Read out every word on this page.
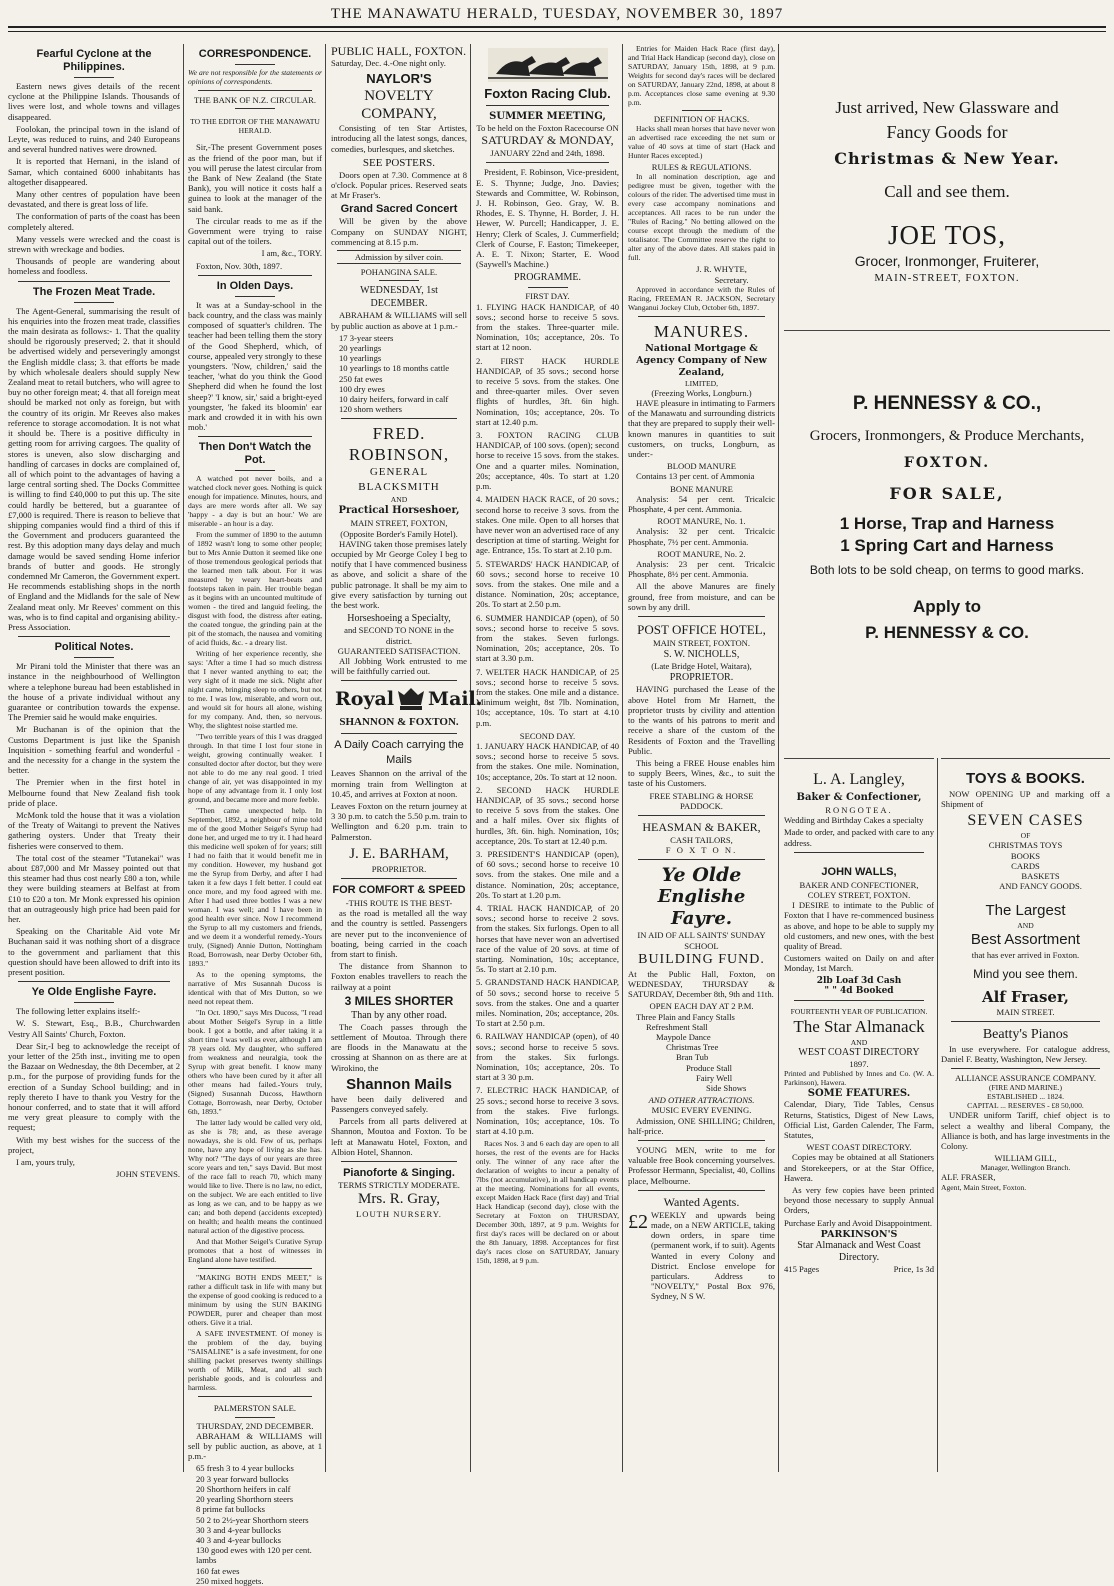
THE MANAWATU HERALD, TUESDAY, NOVEMBER 30, 1897
Fearful Cyclone at the Philippines.

Eastern news gives details of the recent cyclone at the Philippine Islands. Thousands of lives were lost, and whole towns and villages disappeared.

Foolokan, the principal town in the island of Leyte, was reduced to ruins, and 240 Europeans and several hundred natives were drowned.

It is reported that Hernani, in the island of Samar, which contained 6000 inhabitants has altogether disappeared.

Many other centres of population have been devastated, and there is great loss of life.

The conformation of parts of the coast has been completely altered.

Many vessels were wrecked and the coast is strewn with wreckage and bodies.

Thousands of people are wandering about homeless and foodless.

The Frozen Meat Trade.

The Agent-General, summarising the result of his enquiries into the frozen meat trade, classifies the main desirata as follows:- 1. That the quality should be rigorously preserved; 2. that it should be advertised widely and perseveringly amongst the English middle class; 3. that efforts be made by which wholesale dealers should supply New Zealand meat to retail butchers, who will agree to buy no other foreign meat; 4. that all foreign meat should be marked not only as foreign, but with the country of its origin. Mr Reeves also makes reference to storage accomodation. It is not what it should be. There is a positive difficulty in getting room for arriving cargoes. The quality of stores is uneven, also slow discharging and handling of carcases in docks are complained of, all of which point to the advantages of having a large central sorting shed. The Docks Committee is willing to find £40,000 to put this up. The site could hardly be bettered, but a guarantee of £7,000 is required. There is reason to believe that shipping companies would find a third of this if the Government and producers guaranteed the rest. By this adoption many days delay and much damage would be saved sending Home inferior brands of butter and goods. He strongly condemned Mr Cameron, the Government expert. He recommends establishing shops in the north of England and the Midlands for the sale of New Zealand meat only. Mr Reeves' comment on this was, who is to find capital and organising ability.- Press Association.

Political Notes.

Mr Pirani told the Minister that there was an instance in the neighbourhood of Wellington where a telephone bureau had been established in the house of a private individual without any guarantee or contribution towards the expense. The Premier said he would make enquiries.

Mr Buchanan is of the opinion that the Customs Department is just like the Spanish Inquisition - something fearful and wonderful - and the necessity for a change in the system the better.

The Premier when in the first hotel in Melbourne found that New Zealand fish took pride of place.

McMonk told the house that it was a violation of the Treaty of Waitangi to prevent the Natives gathering oysters. Under that Treaty their fisheries were conserved to them.

The total cost of the steamer "Tutanekai" was about £87,000 and Mr Massey pointed out that this steamer had thus cost nearly £80 a ton, while they were building steamers at Belfast at from £10 to £20 a ton. Mr Monk expressed his opinion that an outrageously high price had been paid for her.

Speaking on the Charitable Aid vote Mr Buchanan said it was nothing short of a disgrace to the government and parliament that this question should have been allowed to drift into its present position.

Ye Olde Englishe Fayre.

The following letter explains itself:-

W. S. Stewart, Esq., B.B., Churchwarden Vestry All Saints' Church, Foxton.

Dear Sir,-I beg to acknowledge the receipt of your letter of the 25th inst., inviting me to open the Bazaar on Wednesday, the 8th December, at 2 p.m., for the purpose of providing funds for the erection of a Sunday School building; and in reply thereto I have to thank you Vestry for the honour conferred, and to state that it will afford me very great pleasure to comply with the request;

With my best wishes for the success of the project,

I am, yours truly,

JOHN STEVENS.

CORRESPONDENCE.

We are not responsible for the statements or opinions of correspondents.

THE BANK OF N.Z. CIRCULAR.

TO THE EDITOR OF THE MANAWATU HERALD.

Sir,-The present Government poses as the friend of the poor man, but if you will peruse the latest circular from the Bank of New Zealand (the State Bank), you will notice it costs half a guinea to look at the manager of the said bank.

The circular reads to me as if the Government were trying to raise capital out of the toilers.

I am, &c., TORY.

Foxton, Nov. 30th, 1897.

In Olden Days.

It was at a Sunday-school in the back country, and the class was mainly composed of squatter's children. The teacher had been telling them the story of the Good Shepherd, which, of course, appealed very strongly to these youngsters. 'Now, children,' said the teacher, 'what do you think the Good Shepherd did when he found the lost sheep?' 'I know, sir,' said a bright-eyed youngster, 'he faked its bloomin' ear mark and crowded it in with his own mob.'

Then Don't Watch the Pot.

A watched pot never boils, and a watched clock never goes. Nothing is quick enough for impatience. Minutes, hours, and days are mere words after all. We say 'happy - a day is but an hour.' We are miserable - an hour is a day.

From the summer of 1890 to the autumn of 1892 wasn't long to some other people; but to Mrs Annie Dutton it seemed like one of those tremendous geological periods that the learned men talk about. For it was measured by weary heart-beats and footsteps taken in pain. Her trouble began as it begins with an uncounted multitude of women - the tired and languid feeling, the disgust with food, the distress after eating, the coated tongue, the grinding pain at the pit of the stomach, the nausea and vomiting of acid fluids, &c. - a dreary list.

Writing of her experience recently, she says: 'After a time I had so much distress that I never wanted anything to eat; the very sight of it made me sick. Night after night came, bringing sleep to others, but not to me. I was low, miserable, and worn out, and would sit for hours all alone, wishing for my company. And, then, so nervous. Why, the slightest noise startled me.

"Two terrible years of this I was dragged through. In that time I lost four stone in weight, growing continually weaker. I consulted doctor after doctor, but they were not able to do me any real good. I tried change of air, yet was disappointed in my hope of any advantage from it. I only lost ground, and became more and more feeble.

"Then came unexpected help. In September, 1892, a neighbour of mine told me of the good Mother Seigel's Syrup had done her, and urged me to try it. I had heard this medicine well spoken of for years; still I had no faith that it would benefit me in my condition. However, my husband got me the Syrup from Derby, and after I had taken it a few days I felt better. I could eat once more, and my food agreed with me. After I had used three bottles I was a new woman. I was well; and I have been in good health ever since. Now I recommend the Syrup to all my customers and friends, and we deem it a wonderful remedy.-Yours truly, (Signed) Annie Dutton, Nottingham Road, Borrowash, near Derby October 6th, 1893."

As to the opening symptoms, the narrative of Mrs Susannah Ducoss is identical with that of Mrs Dutton, so we need not repeat them.

"In Oct. 1890," says Mrs Ducoss, "I read about Mother Seigel's Syrup in a little book. I got a bottle, and after taking it a short time I was well as ever, although I am 78 years old. My daughter, who suffered from weakness and neuralgia, took the Syrup with great benefit. I know many others who have been cured by it after all other means had failed.-Yours truly, (Signed) Susannah Ducoss, Hawthorn Cottage, Borrowash, near Derby, October 6th, 1893."

The latter lady would be called very old, as she is 78; and, as these average nowadays, she is old. Few of us, perhaps none, have any hope of living as she has. Why not? "The days of our years are three score years and ten," says David. But most of the race fall to reach 70, which many would like to live. There is no law, no edict, on the subject. We are each entitled to live as long as we can, and to be happy as we can; and both depend (accidents excepted) on health; and health means the continued natural action of the digestive process.

And that Mother Seigel's Curative Syrup promotes that a host of witnesses in England alone have testified.

"MAKING BOTH ENDS MEET," is rather a difficult task in life with many but the expense of good cooking is reduced to a minimum by using the SUN BAKING POWDER, purer and cheaper than most others. Give it a trial.

A SAFE INVESTMENT. Of money is the problem of the day, buying "SAISALINE" is a safe investment, for one shilling packet preserves twenty shillings worth of Milk, Meat, and all such perishable goods, and is colourless and harmless.

PALMERSTON SALE.
THURSDAY, 2ND DECEMBER.

ABRAHAM & WILLIAMS will sell by public auction, as above, at 1 p.m.-

65 fresh 3 to 4 year bullocks
20 3 year forward bullocks
20 Shorthorn heifers in calf
20 yearling Shorthorn steers
8 prime fat bullocks
50 2 to 2½-year Shorthorn steers
30 3 and 4-year bullocks
40 3 and 4-year bullocks
130 good ewes with 120 per cent. lambs
160 fat ewes
250 mixed hoggets.
PUBLIC HALL, FOXTON.
Saturday, Dec. 4.-One night only.
NAYLOR'S
NOVELTY COMPANY,

Consisting of ten Star Artistes, introducing all the latest songs, dances, comedies, burlesques, and sketches.

SEE POSTERS.

Doors open at 7.30. Commence at 8 o'clock. Popular prices. Reserved seats at Mr Fraser's.

Grand Sacred Concert

Will be given by the above Company on SUNDAY NIGHT, commencing at 8.15 p.m.

Admission by silver coin.
POHANGINA SALE.
WEDNESDAY, 1st DECEMBER.

ABRAHAM & WILLIAMS will sell by public auction as above at 1 p.m.-

17 3-year steers
20 yearlings
10 yearlings
10 yearlings to 18 months cattle
250 fat ewes
100 dry ewes
10 dairy heifers, forward in calf
120 shorn wethers
FRED. ROBINSON,
GENERAL BLACKSMITH
AND
Practical Horseshoer,
MAIN STREET, FOXTON,
(Opposite Border's Family Hotel).

HAVING taken those premises lately occupied by Mr George Coley I beg to notify that I have commenced business as above, and solicit a share of the public patronage. It shall be my aim to give every satisfaction by turning out the best work.

Horseshoeing a Specialty,
and SECOND TO NONE in the district.
GUARANTEED SATISFACTION.

All Jobbing Work entrusted to me will be faithfully carried out.

Royal Mail.
SHANNON & FOXTON.
A Daily Coach carrying the Mails

Leaves Shannon on the arrival of the morning train from Wellington at 10.45, and arrives at Foxton at noon.

Leaves Foxton on the return journey at 3 30 p.m. to catch the 5.50 p.m. train to Wellington and 6.20 p.m. train to Palmerston.

J. E. BARHAM,
PROPRIETOR.
FOR COMFORT & SPEED
-THIS ROUTE IS THE BEST-

as the road is metalled all the way and the country is settled. Passengers are never put to the inconvenience of boating, being carried in the coach from start to finish.

The distance from Shannon to Foxton enables travellers to reach the railway at a point

3 MILES SHORTER
Than by any other road.

The Coach passes through the settlement of Moutoa. Through there are floods in the Manawatu at the crossing at Shannon on as there are at Wirokino, the

Shannon Mails

have been daily delivered and Passengers conveyed safely.

Parcels from all parts delivered at Shannon, Moutoa and Foxton. To be left at Manawatu Hotel, Foxton, and Albion Hotel, Shannon.

Pianoforte & Singing.
TERMS STRICTLY MODERATE.
Mrs. R. Gray,
LOUTH NURSERY.
Foxton Racing Club.
SUMMER MEETING,
To be held on the Foxton Racecourse ON
SATURDAY & MONDAY,
JANUARY 22nd and 24th, 1898.

President, F. Robinson, Vice-president, E. S. Thynne; Judge, Jno. Davies; Stewards and Committee, W. Robinson, J. H. Robinson, Geo. Gray, W. B. Rhodes, E. S. Thynne, H. Border, J. H. Hewer, W. Purcell; Handicapper, J. E. Henry; Clerk of Scales, J. Cummerfield; Clerk of Course, F. Easton; Timekeeper, A. E. T. Nixon; Starter, E. Wood (Saywell's Machine.)

PROGRAMME.
FIRST DAY.

1. FLYING HACK HANDICAP, of 40 sovs.; second horse to receive 5 sovs. from the stakes. Three-quarter mile. Nomination, 10s; acceptance, 20s. To start at 12 noon.

2. FIRST HACK HURDLE HANDICAP, of 35 sovs.; second horse to receive 5 sovs. from the stakes. One and three-quarter miles. Over seven flights of hurdles, 3ft. 6in high. Nomination, 10s; acceptance, 20s. To start at 12.40 p.m.

3. FOXTON RACING CLUB HANDICAP, of 100 sovs. (open); second horse to receive 15 sovs. from the stakes. One and a quarter miles. Nomination, 20s; acceptance, 40s. To start at 1.20 p.m.

4. MAIDEN HACK RACE, of 20 sovs.; second horse to receive 3 sovs. from the stakes. One mile. Open to all horses that have never won an advertised race of any description at time of starting. Weight for age. Entrance, 15s. To start at 2.10 p.m.

5. STEWARDS' HACK HANDICAP, of 60 sovs.; second horse to receive 10 sovs. from the stakes. One mile and a distance. Nomination, 20s; acceptance, 20s. To start at 2.50 p.m.

6. SUMMER HANDICAP (open), of 50 sovs.; second horse to receive 5 sovs. from the stakes. Seven furlongs. Nomination, 20s; acceptance, 20s. To start at 3.30 p.m.

7. WELTER HACK HANDICAP, of 25 sovs.; second horse to receive 5 sovs. from the stakes. One mile and a distance. Minimum weight, 8st 7lb. Nomination, 10s; acceptance, 10s. To start at 4.10 p.m.

SECOND DAY.

1. JANUARY HACK HANDICAP, of 40 sovs.; second horse to receive 5 sovs. from the stakes. One mile. Nomination, 10s; acceptance, 20s. To start at 12 noon.

2. SECOND HACK HURDLE HANDICAP, of 35 sovs.; second horse to receive 5 sovs from the stakes. One and a half miles. Over six flights of hurdles, 3ft. 6in. high. Nomination, 10s; acceptance, 20s. To start at 12.40 p.m.

3. PRESIDENT'S HANDICAP (open), of 60 sovs.; second horse to receive 10 sovs. from the stakes. One mile and a distance. Nomination, 20s; acceptance, 20s. To start at 1.20 p.m.

4. TRIAL HACK HANDICAP, of 20 sovs.; second horse to receive 2 sovs. from the stakes. Six furlongs. Open to all horses that have never won an advertised race of the value of 20 sovs. at time of starting. Nomination, 10s; acceptance, 5s. To start at 2.10 p.m.

5. GRANDSTAND HACK HANDICAP, of 50 sovs.; second horse to receive 5 sovs. from the stakes. One and a quarter miles. Nomination, 20s; acceptance, 20s. To start at 2.50 p.m.

6. RAILWAY HANDICAP (open), of 40 sovs.; second horse to receive 5 sovs. from the stakes. Six furlongs. Nomination, 10s; acceptance, 20s. To start at 3 30 p.m.

7. ELECTRIC HACK HANDICAP, of 25 sovs.; second horse to receive 3 sovs. from the stakes. Five furlongs. Nomination, 10s; acceptance, 10s. To start at 4.10 p.m.

Races Nos. 3 and 6 each day are open to all horses, the rest of the events are for Hacks only. The winner of any race after the declaration of weights to incur a penalty of 7lbs (not accumulative), in all handicap events at the meeting. Nominations for all events, except Maiden Hack Race (first day) and Trial Hack Handicap (second day), close with the Secretary at Foxton on THURSDAY, December 30th, 1897, at 9 p.m. Weights for first day's races will be declared on or about the 8th January, 1898. Acceptances for first day's races close on SATURDAY, January 15th, 1898, at 9 p.m.

Entries for Maiden Hack Race (first day), and Trial Hack Handicap (second day), close on SATURDAY, January 15th, 1898, at 9 p.m. Weights for second day's races will be declared on SATURDAY, January 22nd, 1898, at about 8 p.m. Acceptances close same evening at 9.30 p.m.

DEFINITION OF HACKS.

Hacks shall mean horses that have never won an advertised race exceeding the net sum or value of 40 sovs at time of start (Hack and Hunter Races excepted.)

RULES & REGULATIONS.

In all nomination description, age and pedigree must be given, together with the colours of the rider. The advertised time must in every case accompany nominations and acceptances. All races to be run under the "Rules of Racing." No betting allowed on the course except through the medium of the totalisator. The Committee reserve the right to alter any of the above dates. All stakes paid in full.

J. R. WHYTE,
Secretary.

Approved in accordance with the Rules of Racing, FREEMAN R. JACKSON, Secretary Wanganui Jockey Club, October 6th, 1897.

MANURES.
National Mortgage & Agency Company of New Zealand,
LIMITED,
(Freezing Works, Longburn.)

HAVE pleasure in intimating to Farmers of the Manawatu and surrounding districts that they are prepared to supply their well-known manures in quantities to suit customers, on trucks, Longburn, as under:-

BLOOD MANURE

Contains 13 per cent. of Ammonia

BONE MANURE

Analysis: 54 per cent. Tricalcic Phosphate, 4 per cent. Ammonia.

ROOT MANURE, No. 1.

Analysis: 32 per cent. Tricalcic Phosphate, 7½ per cent. Ammonia.

ROOT MANURE, No. 2.

Analysis: 23 per cent. Tricalcic Phosphate, 8½ per cent. Ammonia.

All the above Manures are finely ground, free from moisture, and can be sown by any drill.

POST OFFICE HOTEL,
MAIN STREET, FOXTON.
S. W. NICHOLLS,
(Late Bridge Hotel, Waitara),
PROPRIETOR.

HAVING purchased the Lease of the above Hotel from Mr Harnett, the proprietor trusts by civility and attention to the wants of his patrons to merit and receive a share of the custom of the Residents of Foxton and the Travelling Public.

This being a FREE House enables him to supply Beers, Wines, &c., to suit the taste of his Customers.

FREE STABLING & HORSE PADDOCK.
HEASMAN & BAKER,
CASH TAILORS,
F O X T O N.
Ye Olde
Englishe Fayre.
IN AID OF ALL SAINTS' SUNDAY SCHOOL
BUILDING FUND.

At the Public Hall, Foxton, on WEDNESDAY, THURSDAY & SATURDAY, December 8th, 9th and 11th.

OPEN EACH DAY AT 2 P.M.
Three Plain and Fancy Stalls
Refreshment Stall
Maypole Dance
Christmas Tree
Bran Tub
Produce Stall
Fairy Well
Side Shows
AND OTHER ATTRACTIONS.
MUSIC EVERY EVENING.

Admission, ONE SHILLING; Children, half-price.

YOUNG MEN, write to me for valuable free Book concerning yourselves. Professor Hermann, Specialist, 40, Collins place, Melbourne.

Wanted Agents.
£2 WEEKLY and upwards being made, on a NEW ARTICLE, taking down orders, in spare time (permanent work, if to suit). Agents Wanted in every Colony and District. Enclose envelope for particulars. Address to "NOVELTY," Postal Box 976, Sydney, N S W.

Just arrived, New Glassware and
Fancy Goods for
Christmas & New Year.
Call and see them.
JOE TOS,
Grocer, Ironmonger, Fruiterer,
MAIN-STREET, FOXTON.
P. HENNESSY & CO.,
Grocers, Ironmongers, & Produce Merchants,
FOXTON.
FOR SALE,
1 Horse, Trap and Harness
1 Spring Cart and Harness
Both lots to be sold cheap, on terms to good marks.
Apply to
P. HENNESSY & CO.
L. A. Langley,
Baker & Confectioner,
RONGOTEA.

Wedding and Birthday Cakes a specialty

Made to order, and packed with care to any address.

JOHN WALLS,
BAKER AND CONFECTIONER,
COLEY STREET, FOXTON.

I DESIRE to intimate to the Public of Foxton that I have re-commenced business as above, and hope to be able to supply my old customers, and new ones, with the best quality of Bread.

Customers waited on Daily on and after Monday, 1st March.

2lb Loaf 3d Cash
" " 4d Booked
FOURTEENTH YEAR OF PUBLICATION.
The Star Almanack
AND
WEST COAST DIRECTORY
1897.

Printed and Published by Innes and Co. (W. A. Parkinson), Hawera.

SOME FEATURES.

Calendar, Diary, Tide Tables, Census Returns, Statistics, Digest of New Laws, Official List, Garden Calender, The Farm, Statutes,

WEST COAST DIRECTORY.

Copies may be obtained at all Stationers and Storekeepers, or at the Star Office, Hawera.

As very few copies have been printed beyond those necessary to supply Annual Orders,

Purchase Early and Avoid Disappointment.

PARKINSON'S
Star Almanack and West Coast Directory.
415 Pages	Price, 1s 3d
TOYS & BOOKS.

NOW OPENING UP and marking off a Shipment of

SEVEN CASES
OF
CHRISTMAS TOYS
BOOKS
CARDS
BASKETS
AND FANCY GOODS.
The Largest
AND
Best Assortment
that has ever arrived in Foxton.
Mind you see them.
Alf Fraser,
MAIN STREET.
Beatty's Pianos

In use everywhere. For catalogue address, Daniel F. Beatty, Washington, New Jersey.

ALLIANCE ASSURANCE COMPANY.
(FIRE AND MARINE.)
ESTABLISHED ... 1824.
CAPITAL ... RESERVES - £8 50,000.

UNDER uniform Tariff, chief object is to select a wealthy and liberal Company, the Alliance is both, and has large investments in the Colony.

WILLIAM GILL,
Manager, Wellington Branch.
ALF. FRASER,
Agent, Main Street, Foxton.
